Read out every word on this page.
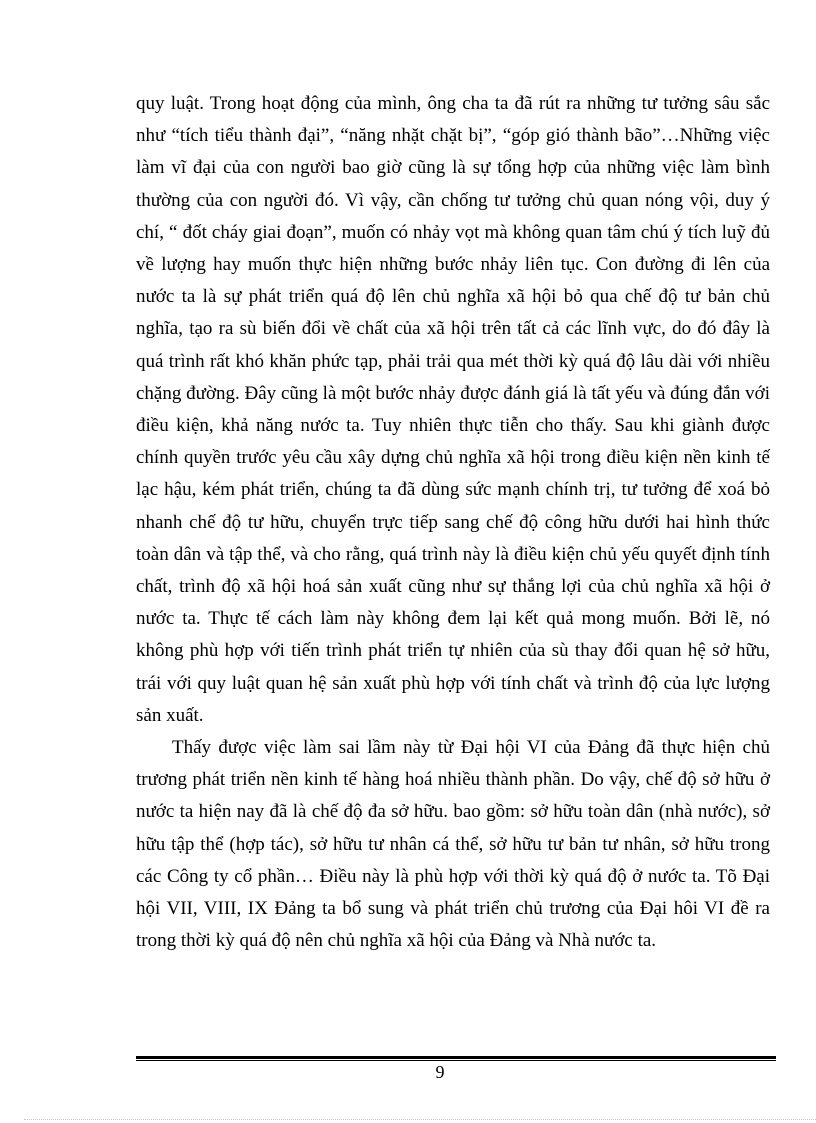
quy luật. Trong hoạt động của mình, ông cha ta đã rút ra những tư tưởng sâu sắc như “tích tiểu thành đại”, “năng nhặt chặt bị”, “góp gió thành bão”…Những việc làm vĩ đại của con người bao giờ cũng là sự tổng hợp của những việc làm bình thường của con người đó. Vì vậy, cần chống tư tưởng chủ quan nóng vội, duy ý chí, “ đốt cháy giai đoạn”, muốn có nhảy vọt mà không quan tâm chú ý tích luỹ đủ về lượng hay muốn thực hiện những bước nhảy liên tục. Con đường đi lên của nước ta là sự phát triển quá độ lên chủ nghĩa xã hội bỏ qua chế độ tư bản chủ nghĩa, tạo ra sù biến đổi về chất của xã hội trên tất cả các lĩnh vực, do đó đây là quá trình rất khó khăn phức tạp, phải trải qua mét thời kỳ quá độ lâu dài với nhiều chặng đường. Đây cũng là một bước nhảy được đánh giá là tất yếu và đúng đắn với điều kiện, khả năng nước ta. Tuy nhiên thực tiễn cho thấy. Sau khi giành được chính quyền trước yêu cầu xây dựng chủ nghĩa xã hội trong điều kiện nền kinh tế lạc hậu, kém phát triển, chúng ta đã dùng sức mạnh chính trị, tư tưởng để xoá bỏ nhanh chế độ tư hữu, chuyển trực tiếp sang chế độ công hữu dưới hai hình thức toàn dân và tập thể, và cho rằng, quá trình này là điều kiện chủ yếu quyết định tính chất, trình độ xã hội hoá sản xuất cũng như sự thắng lợi của chủ nghĩa xã hội ở nước ta. Thực tế cách làm này không đem lại kết quả mong muốn. Bởi lẽ, nó không phù hợp với tiến trình phát triển tự nhiên của sù thay đổi quan hệ sở hữu, trái với quy luật quan hệ sản xuất phù hợp với tính chất và trình độ của lực lượng sản xuất.

Thấy được việc làm sai lầm này từ Đại hội VI của Đảng đã thực hiện chủ trương phát triển nền kinh tế hàng hoá nhiều thành phần. Do vậy, chế độ sở hữu ở nước ta hiện nay đã là chế độ đa sở hữu. bao gồm: sở hữu toàn dân (nhà nước), sở hữu tập thể (hợp tác), sở hữu tư nhân cá thể, sở hữu tư bản tư nhân, sở hữu trong các Công ty cổ phần… Điều này là phù hợp với thời kỳ quá độ ở nước ta. Tõ Đại hội VII, VIII, IX Đảng ta bổ sung và phát triển chủ trương của Đại hôi VI đề ra trong thời kỳ quá độ nên chủ nghĩa xã hội của Đảng và Nhà nước ta.

9
